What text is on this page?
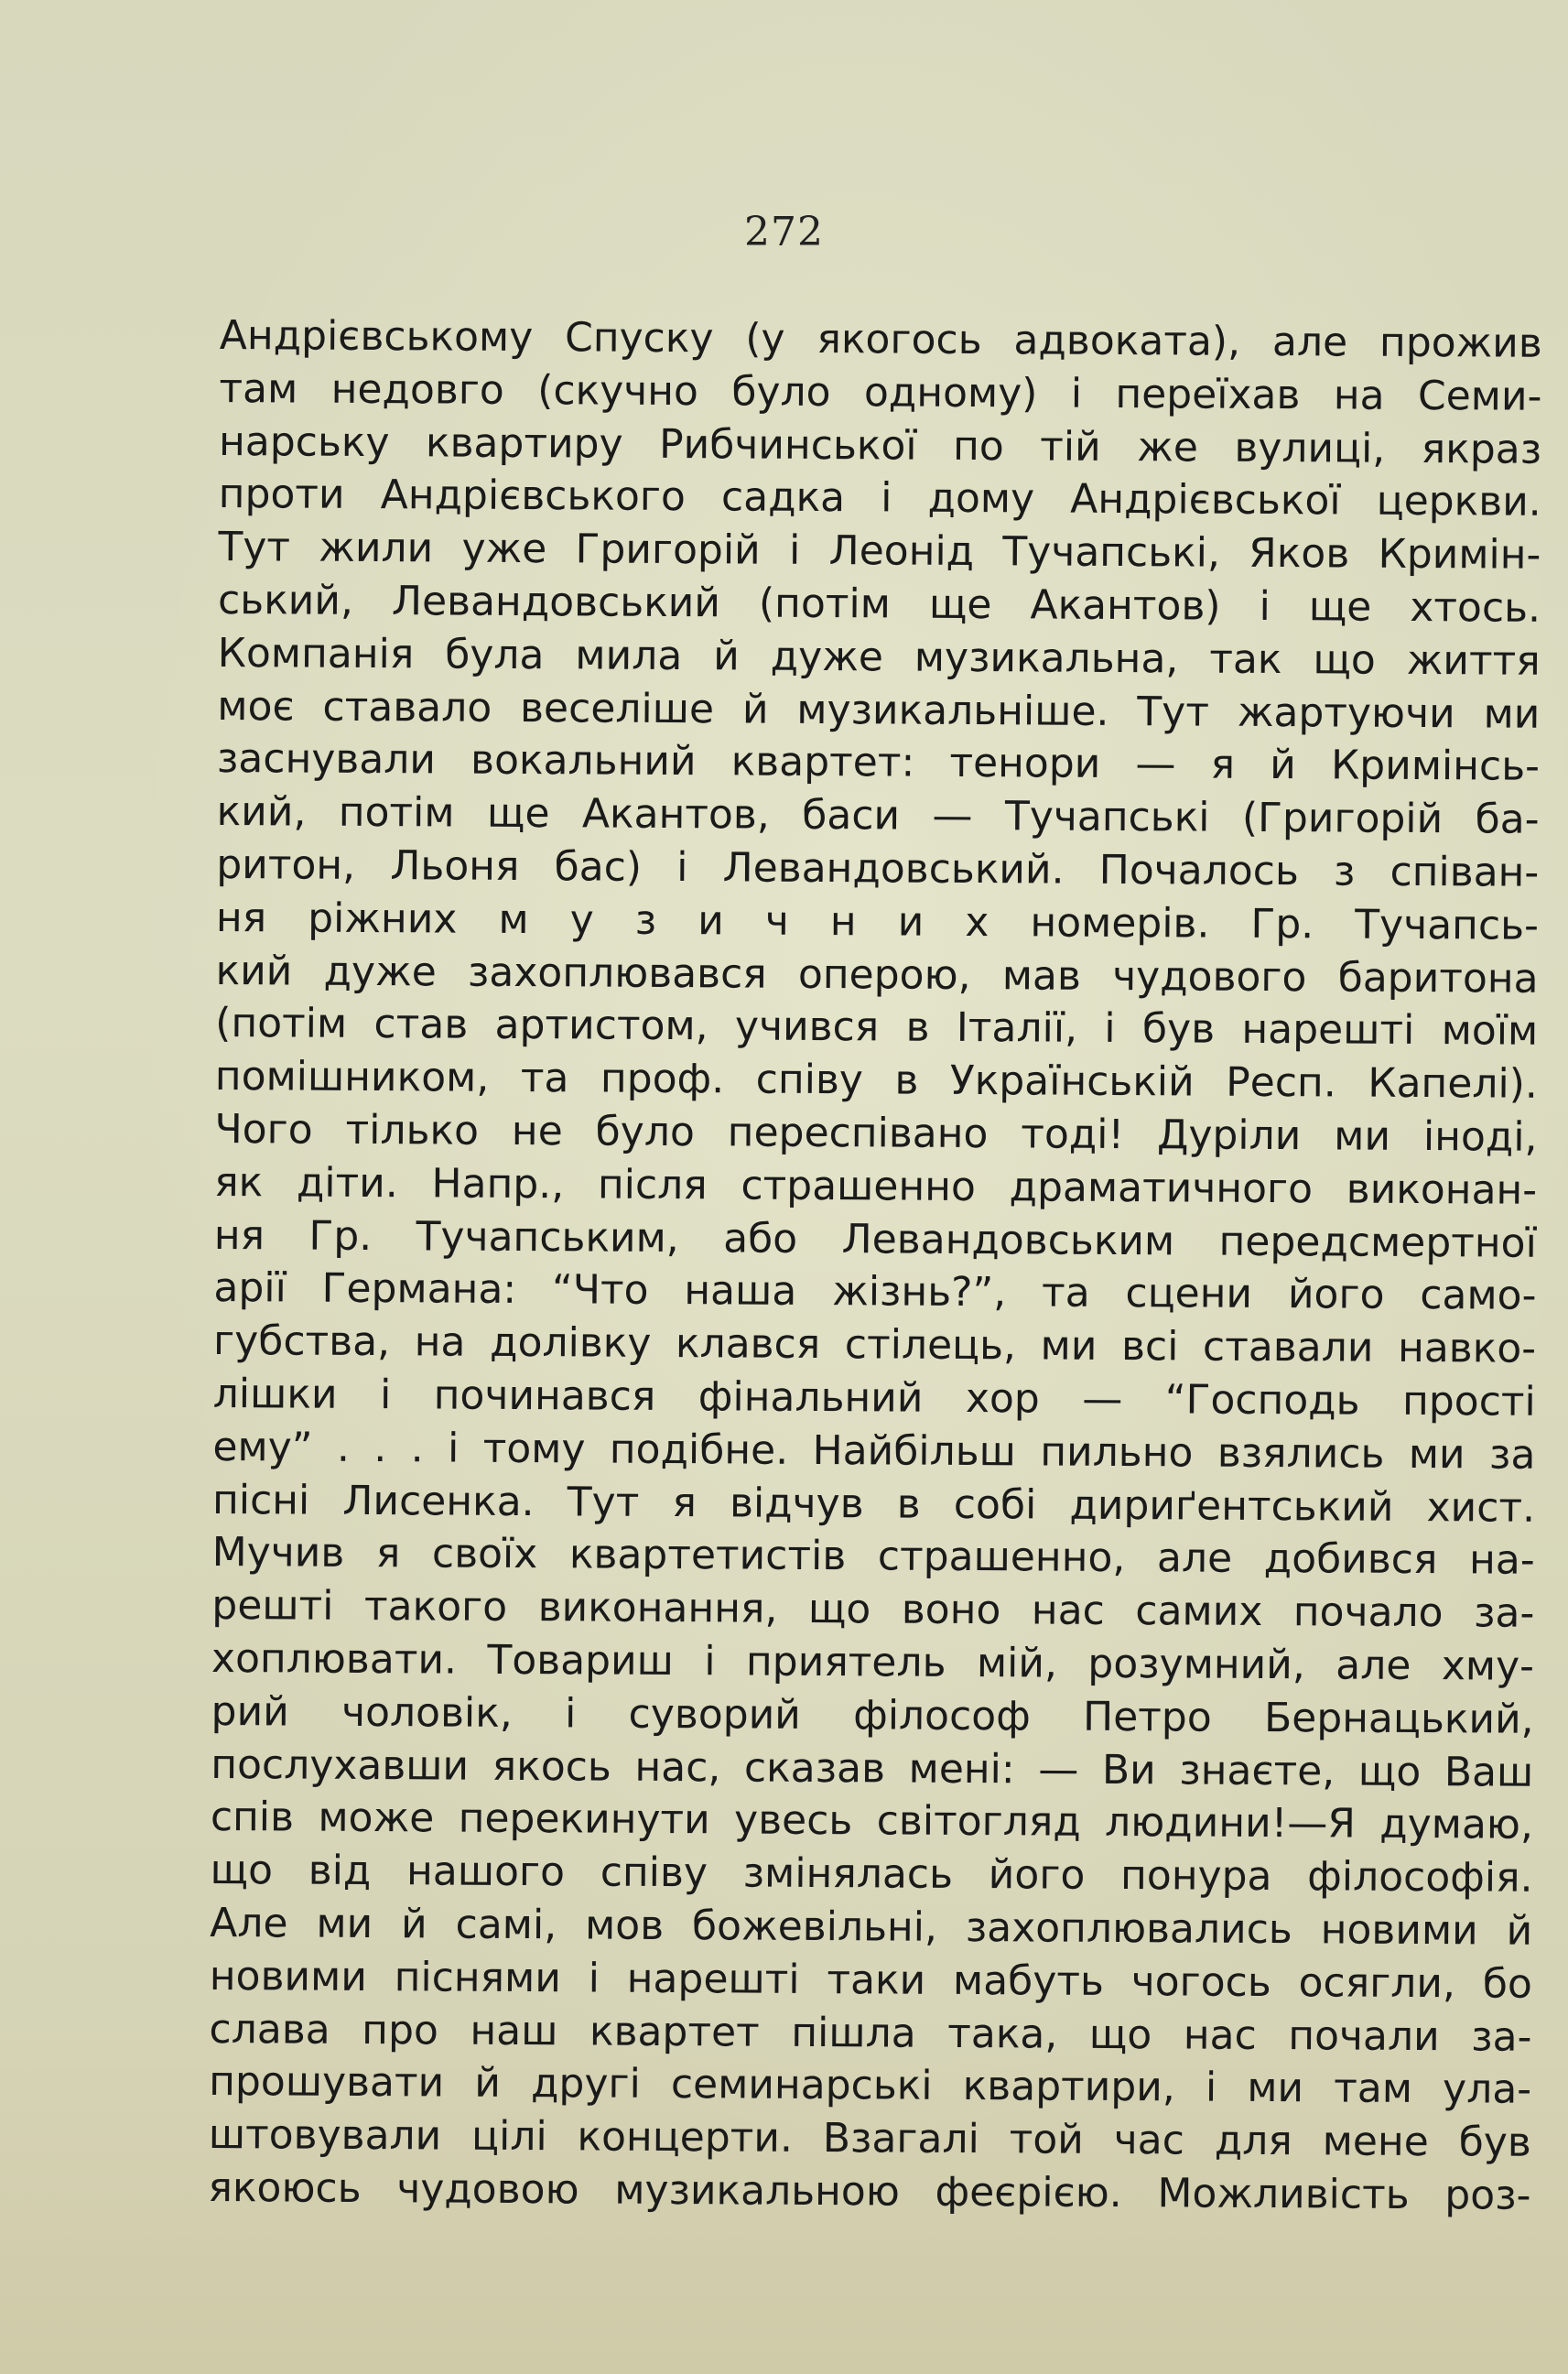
272
Андрієвському Спуску (у якогось адвоката), але прожив
там недовго (скучно було одному) і переїхав на Семи-
нарську квартиру Рибчинської по тій же вулиці, якраз
проти Андрієвського садка і дому Андрієвської церкви.
Тут жили уже Григорій і Леонід Тучапські, Яков Кримін-
ський, Левандовський (потім ще Акантов) і ще хтось.
Компанія була мила й дуже музикальна, так що життя
моє ставало веселіше й музикальніше. Тут жартуючи ми
заснували вокальний квартет: тенори — я й Кримінсь-
кий, потім ще Акантов, баси — Тучапські (Григорій ба-
ритон, Льоня бас) і Левандовський. Почалось з співан-
ня ріжних м у з и ч н и х номерів. Гр. Тучапсь-
кий дуже захоплювався оперою, мав чудового баритона
(потім став артистом, учився в Італії, і був нарешті моїм
помішником, та проф. співу в Українській Респ. Капелі).
Чого тілько не було переспівано тоді! Дуріли ми іноді,
як діти. Напр., після страшенно драматичного виконан-
ня Гр. Тучапським, або Левандовським передсмертної
арії Германа: “Что наша жізнь?”, та сцени його само-
губства, на долівку клався стілець, ми всі ставали навко-
лішки і починався фінальний хор — “Господь прості
ему” . . . і тому подібне. Найбільш пильно взялись ми за
пісні Лисенка. Тут я відчув в собі дириґентський хист.
Мучив я своїх квартетистів страшенно, але добився на-
решті такого виконання, що воно нас самих почало за-
хоплювати. Товариш і приятель мій, розумний, але хму-
рий чоловік, і суворий філософ Петро Бернацький,
послухавши якось нас, сказав мені: — Ви знаєте, що Ваш
спів може перекинути увесь світогляд людини!—Я думаю,
що від нашого співу змінялась його понура філософія.
Але ми й самі, мов божевільні, захоплювались новими й
новими піснями і нарешті таки мабуть чогось осягли, бо
слава про наш квартет пішла така, що нас почали за-
прошувати й другі семинарські квартири, і ми там ула-
штовували цілі концерти. Взагалі той час для мене був
якоюсь чудовою музикальною феєрією. Можливість роз-
